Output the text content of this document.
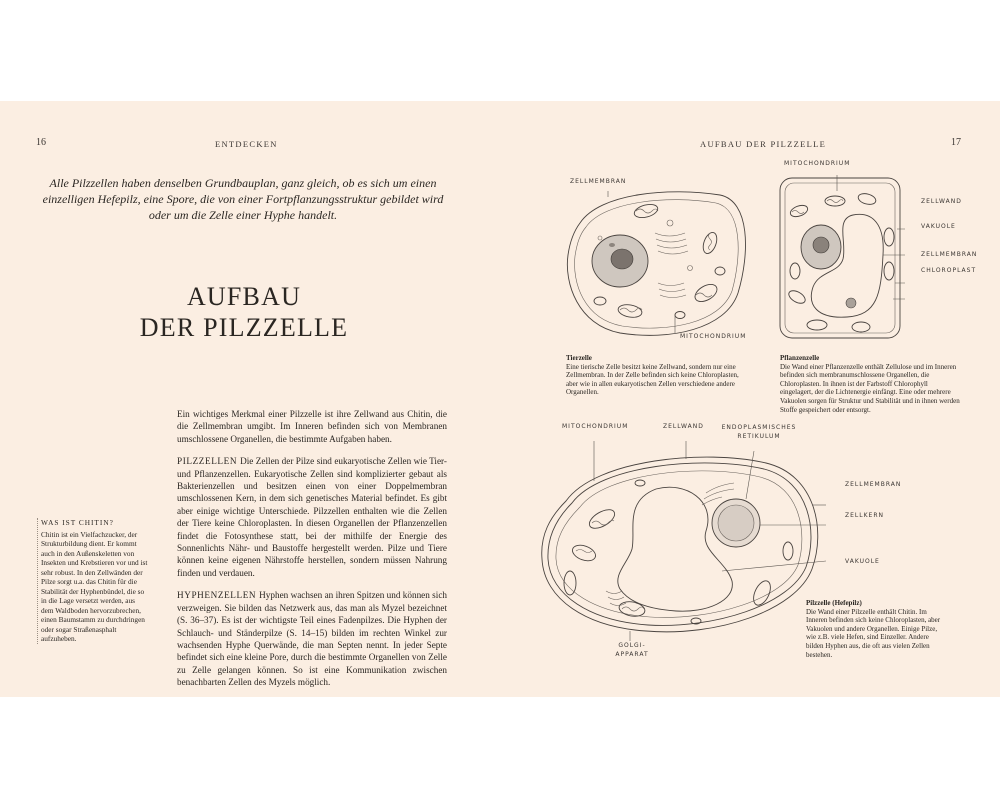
16	ENTDECKEN
Alle Pilzzellen haben denselben Grundbauplan, ganz gleich, ob es sich um einen einzelligen Hefepilz, eine Spore, die von einer Fortpflanzungsstruktur gebildet wird oder um die Zelle einer Hyphe handelt.
AUFBAU
DER PILZZELLE

Ein wichtiges Merkmal einer Pilzzelle ist ihre Zellwand aus Chitin, die die Zellmembran umgibt. Im Inneren befinden sich von Membranen umschlossene Organellen, die bestimmte Aufgaben haben.

PILZZELLEN Die Zellen der Pilze sind eukaryotische Zellen wie Tier- und Pflanzenzellen. Eukaryotische Zellen sind komplizierter gebaut als Bakterienzellen und besitzen einen von einer Doppelmembran umschlossenen Kern, in dem sich genetisches Material befindet. Es gibt aber einige wichtige Unterschiede. Pilzzellen enthalten wie die Zellen der Tiere keine Chloroplasten. In diesen Organellen der Pflanzenzellen findet die Fotosynthese statt, bei der mithilfe der Energie des Sonnenlichts Nähr- und Baustoffe hergestellt werden. Pilze und Tiere können keine eigenen Nährstoffe herstellen, sondern müssen Nahrung finden und verdauen.

HYPHENZELLEN Hyphen wachsen an ihren Spitzen und können sich verzweigen. Sie bilden das Netzwerk aus, das man als Myzel bezeichnet (S. 36–37). Es ist der wichtigste Teil eines Fadenpilzes. Die Hyphen der Schlauch- und Ständerpilze (S. 14–15) bilden im rechten Winkel zur wachsenden Hyphe Querwände, die man Septen nennt. In jeder Septe befindet sich eine kleine Pore, durch die bestimmte Organellen von Zelle zu Zelle gelangen können. So ist eine Kommunikation zwischen benachbarten Zellen des Myzels möglich.

WAS IST CHITIN?
Chitin ist ein Vielfachzucker, der Strukturbildung dient. Er kommt auch in den Außenskeletten von Insekten und Krebstieren vor und ist sehr robust. In den Zellwänden der Pilze sorgt u.a. das Chitin für die Stabilität der Hyphenbündel, die so in die Lage versetzt werden, aus dem Waldboden hervorzubrechen, einen Baumstamm zu durchdringen oder sogar Straßenasphalt aufzuheben.
AUFBAU DER PILZZELLE	17
ZELLMEMBRAN
MITOCHONDRIUM
Tierzelle
Eine tierische Zelle besitzt keine Zellwand, sondern nur eine Zellmembran. In der Zelle befinden sich keine Chloroplasten, aber wie in allen eukaryotischen Zellen verschiedene andere Organellen.
MITOCHONDRIUM
ZELLWAND
VAKUOLE
ZELLMEMBRAN
CHLOROPLAST
Pflanzenzelle
Die Wand einer Pflanzenzelle enthält Zellulose und im Inneren befinden sich membranumschlossene Organellen, die Chloroplasten. In ihnen ist der Farbstoff Chlorophyll eingelagert, der die Lichtenergie einfängt. Eine oder mehrere Vakuolen sorgen für Struktur und Stabilität und in ihnen werden Stoffe gespeichert oder entsorgt.
MITOCHONDRIUM	ZELLWAND	ENDOPLASMISCHES
RETIKULUM
ZELLMEMBRAN
ZELLKERN
VAKUOLE
GOLGI-
APPARAT
Pilzzelle (Hefepilz)
Die Wand einer Pilzzelle enthält Chitin. Im Inneren befinden sich keine Chloroplasten, aber Vakuolen und andere Organellen. Einige Pilze, wie z.B. viele Hefen, sind Einzeller. Andere bilden Hyphen aus, die oft aus vielen Zellen bestehen.
